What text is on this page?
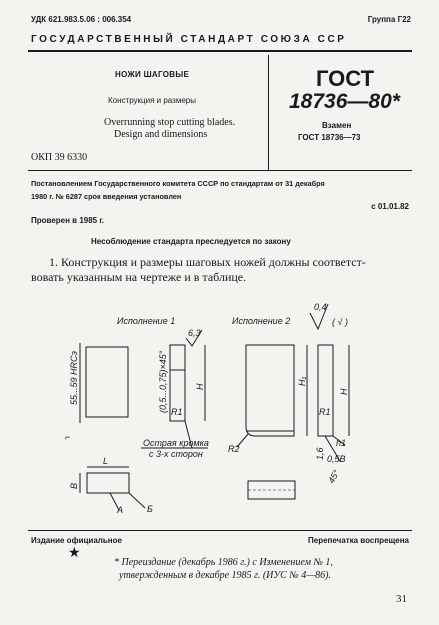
УДК 621.983.5.06 : 006.354	Группа Г22
ГОСУДАРСТВЕННЫЙ СТАНДАРТ СОЮЗА ССР
НОЖИ ШАГОВЫЕ
Конструкция и размеры
Overrunning stop cutting blades.
Design and dimensions
ОКП 39 6330
ГОСТ
18736—80*
Взамен
ГОСТ 18736—73
Постановлением Государственного комитета СССР по стандартам от 31 декабря
1980 г. № 6287 срок введения установлен
с 01.01.82
Проверен в 1985 г.
Несоблюдение стандарта преследуется по закону
1. Конструкция и размеры шаговых ножей должны соответст-
вовать указанным на чертеже и в таблице.
55...59 HRCэ
⌐
Исполнение 1
6,3
(0,5...0,75)×45°	H
R1
Острая кромка
с 3-х сторон
L
B
А	Б
Исполнение 2
0,4
( √ )
R2
H₁
R1
H
h1
1,6 0,5B
45°
Издание официальное	Перепечатка воспрещена
★
* Переиздание (декабрь 1986 г.) с Изменением № 1,
утвержденным в декабре 1985 г. (ИУС № 4—86).
31
